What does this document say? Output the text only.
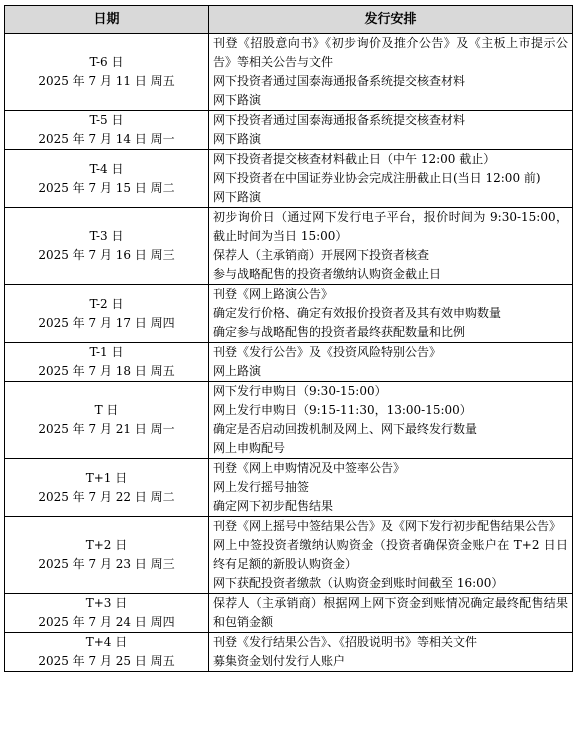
日期	发行安排

T-6 日
2025 年 7 月 11 日 周五	刊登《招股意向书》《初步询价及推介公告》及《主板上市提示公告》等相关公告与文件
网下投资者通过国泰海通报备系统提交核查材料
网下路演

T-5 日
2025 年 7 月 14 日 周一	网下投资者通过国泰海通报备系统提交核查材料
网下路演

T-4 日
2025 年 7 月 15 日 周二	网下投资者提交核查材料截止日（中午 12:00 截止）
网下投资者在中国证券业协会完成注册截止日(当日 12:00 前)
网下路演

T-3 日
2025 年 7 月 16 日 周三	初步询价日（通过网下发行电子平台，报价时间为 9:30-15:00，截止时间为当日 15:00）
保荐人（主承销商）开展网下投资者核查
参与战略配售的投资者缴纳认购资金截止日

T-2 日
2025 年 7 月 17 日 周四	刊登《网上路演公告》
确定发行价格、确定有效报价投资者及其有效申购数量
确定参与战略配售的投资者最终获配数量和比例

T-1 日
2025 年 7 月 18 日 周五	刊登《发行公告》及《投资风险特别公告》
网上路演

T 日
2025 年 7 月 21 日 周一	网下发行申购日（9:30-15:00）
网上发行申购日（9:15-11:30，13:00-15:00）
确定是否启动回拨机制及网上、网下最终发行数量
网上申购配号

T+1 日
2025 年 7 月 22 日 周二	刊登《网上申购情况及中签率公告》
网上发行摇号抽签
确定网下初步配售结果

T+2 日
2025 年 7 月 23 日 周三	刊登《网上摇号中签结果公告》及《网下发行初步配售结果公告》
网上中签投资者缴纳认购资金（投资者确保资金账户在 T+2 日日终有足额的新股认购资金）
网下获配投资者缴款（认购资金到账时间截至 16:00）

T+3 日
2025 年 7 月 24 日 周四	保荐人（主承销商）根据网上网下资金到账情况确定最终配售结果和包销金额

T+4 日
2025 年 7 月 25 日 周五	刊登《发行结果公告》、《招股说明书》等相关文件
募集资金划付发行人账户
